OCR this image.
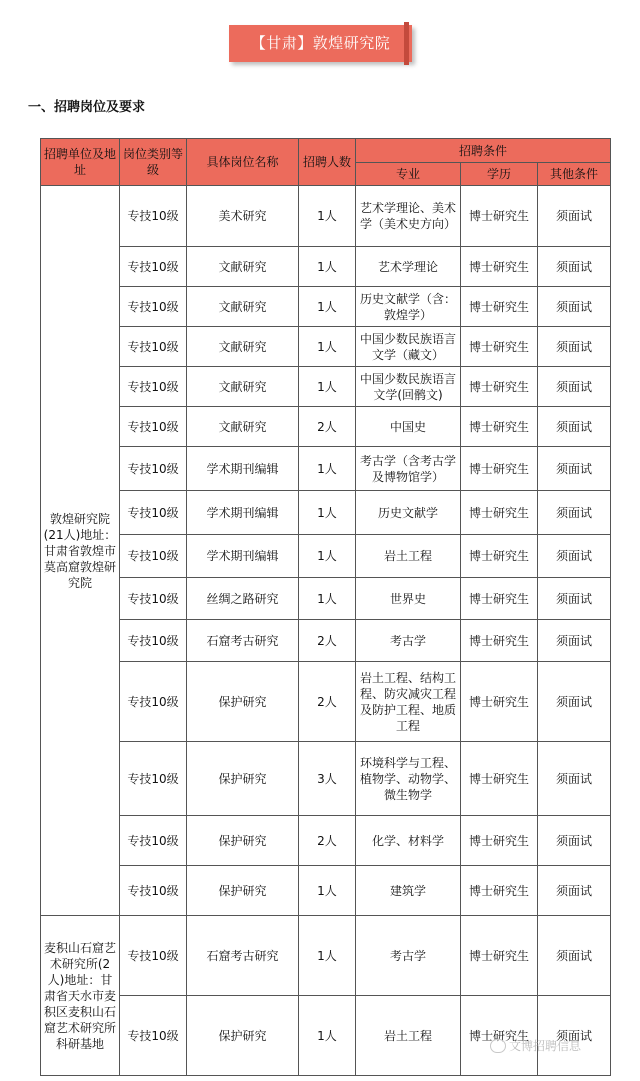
【甘肃】敦煌研究院
一、招聘岗位及要求
招聘单位及地址	岗位类别等级	具体岗位名称	招聘人数	招聘条件		
				专业	学历	其他条件
敦煌研究院(21人)地址：甘肃省敦煌市莫高窟敦煌研究院	专技10级	美术研究	1人	艺术学理论、美术学（美术史方向）	博士研究生	须面试
	专技10级	文献研究	1人	艺术学理论	博士研究生	须面试
	专技10级	文献研究	1人	历史文献学（含：敦煌学）	博士研究生	须面试
	专技10级	文献研究	1人	中国少数民族语言文学（藏文）	博士研究生	须面试
	专技10级	文献研究	1人	中国少数民族语言文学(回鹘文)	博士研究生	须面试
	专技10级	文献研究	2人	中国史	博士研究生	须面试
	专技10级	学术期刊编辑	1人	考古学（含考古学及博物馆学）	博士研究生	须面试
	专技10级	学术期刊编辑	1人	历史文献学	博士研究生	须面试
	专技10级	学术期刊编辑	1人	岩土工程	博士研究生	须面试
	专技10级	丝绸之路研究	1人	世界史	博士研究生	须面试
	专技10级	石窟考古研究	2人	考古学	博士研究生	须面试
	专技10级	保护研究	2人	岩土工程、结构工程、防灾减灾工程及防护工程、地质工程	博士研究生	须面试
	专技10级	保护研究	3人	环境科学与工程、植物学、动物学、微生物学	博士研究生	须面试
	专技10级	保护研究	2人	化学、材料学	博士研究生	须面试
	专技10级	保护研究	1人	建筑学	博士研究生	须面试
麦积山石窟艺术研究所(2人)地址：甘肃省天水市麦积区麦积山石窟艺术研究所科研基地	专技10级	石窟考古研究	1人	考古学	博士研究生	须面试
	专技10级	保护研究	1人	岩土工程	博士研究生	须面试
文博招聘信息
